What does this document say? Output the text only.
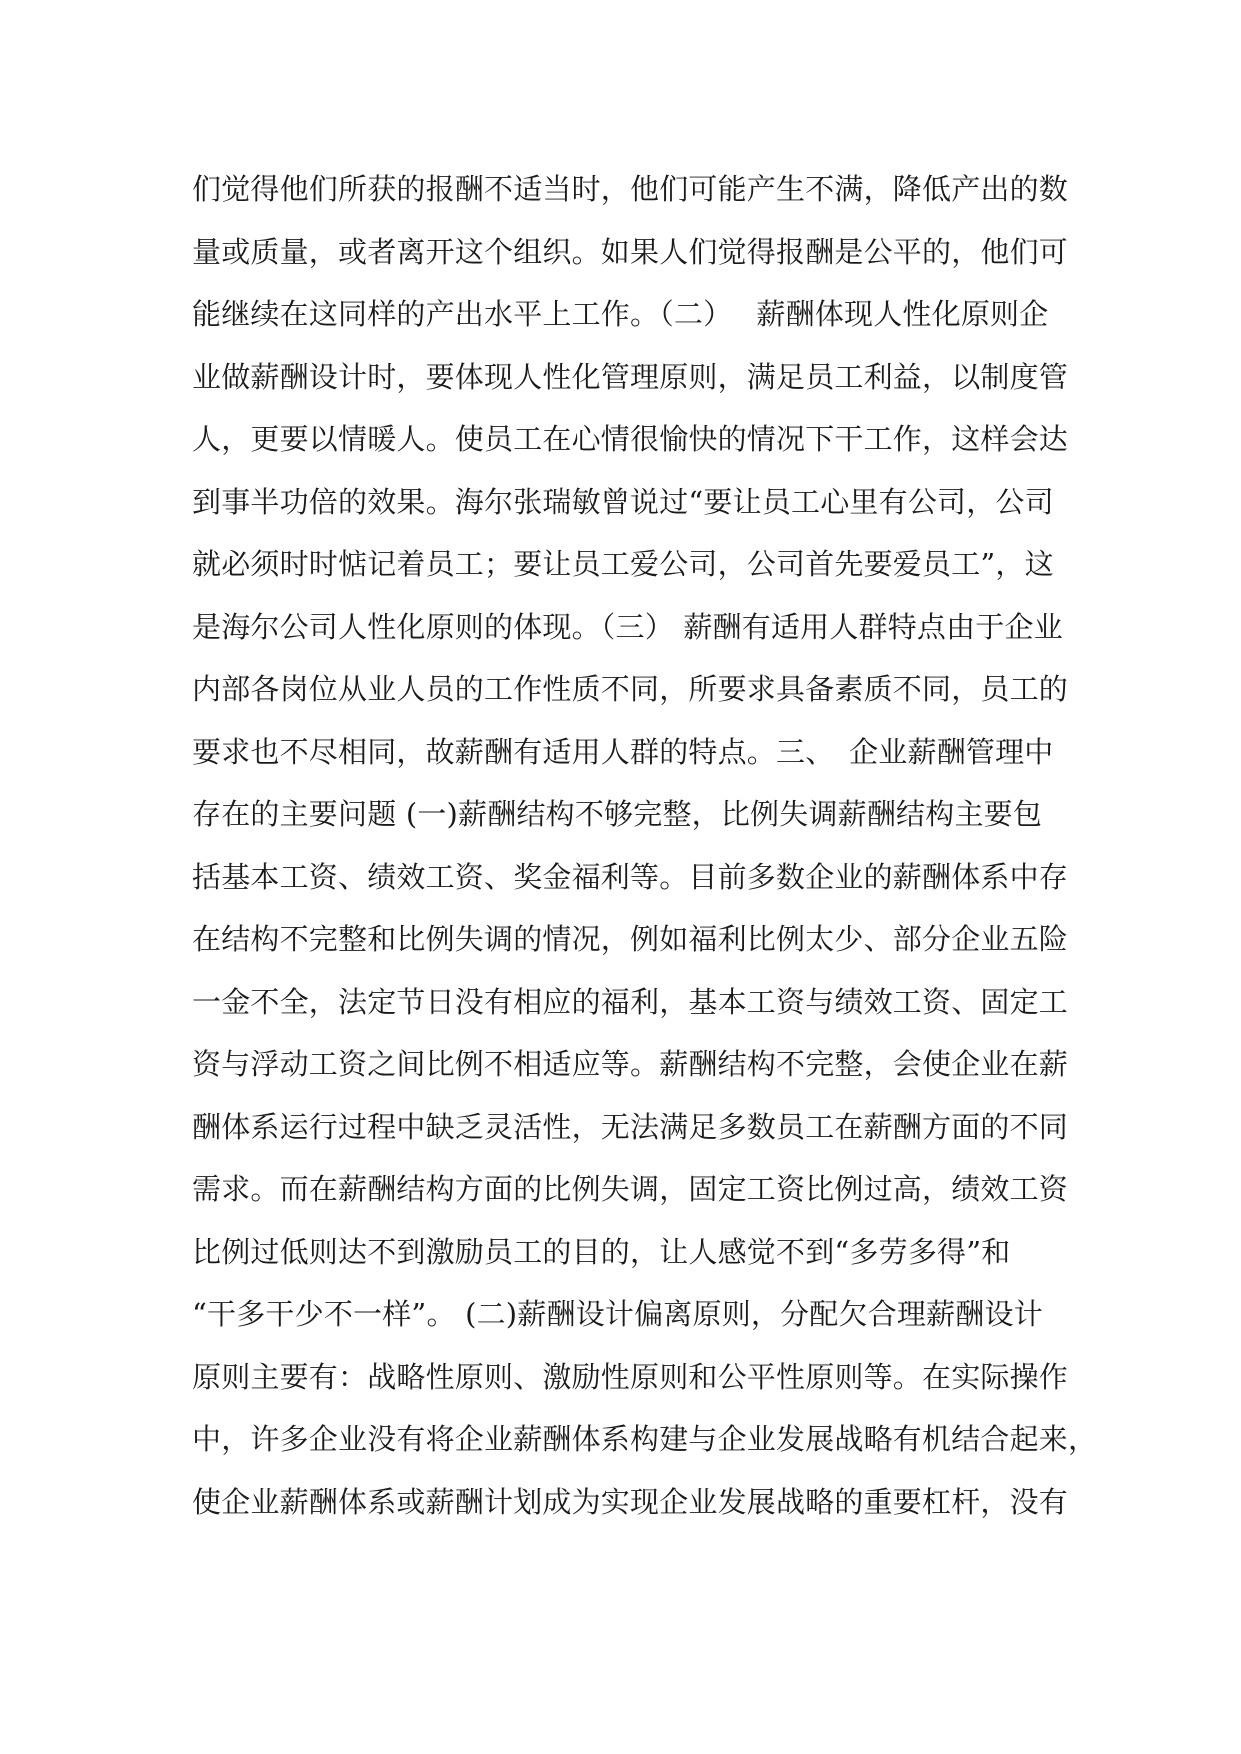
们觉得他们所获的报酬不适当时，他们可能产生不满，降低产出的数
量或质量，或者离开这个组织。如果人们觉得报酬是公平的，他们可
能继续在这同样的产出水平上工作。（二）　 薪酬体现人性化原则企
业做薪酬设计时，要体现人性化管理原则，满足员工利益，以制度管
人，更要以情暖人。使员工在心情很愉快的情况下干工作，这样会达
到事半功倍的效果。海尔张瑞敏曾说过“要让员工心里有公司，公司
就必须时时惦记着员工；要让员工爱公司，公司首先要爱员工”，这
是海尔公司人性化原则的体现。（三） 薪酬有适用人群特点由于企业
内部各岗位从业人员的工作性质不同，所要求具备素质不同，员工的
要求也不尽相同，故薪酬有适用人群的特点。三、　企业薪酬管理中
存在的主要问题 (一)薪酬结构不够完整，比例失调薪酬结构主要包
括基本工资、绩效工资、奖金福利等。目前多数企业的薪酬体系中存
在结构不完整和比例失调的情况，例如福利比例太少、部分企业五险
一金不全，法定节日没有相应的福利，基本工资与绩效工资、固定工
资与浮动工资之间比例不相适应等。薪酬结构不完整，会使企业在薪
酬体系运行过程中缺乏灵活性，无法满足多数员工在薪酬方面的不同
需求。而在薪酬结构方面的比例失调，固定工资比例过高，绩效工资
比例过低则达不到激励员工的目的，让人感觉不到“多劳多得”和
“干多干少不一样”。 (二)薪酬设计偏离原则，分配欠合理薪酬设计
原则主要有：战略性原则、激励性原则和公平性原则等。在实际操作
中，许多企业没有将企业薪酬体系构建与企业发展战略有机结合起来，
使企业薪酬体系或薪酬计划成为实现企业发展战略的重要杠杆，没有
